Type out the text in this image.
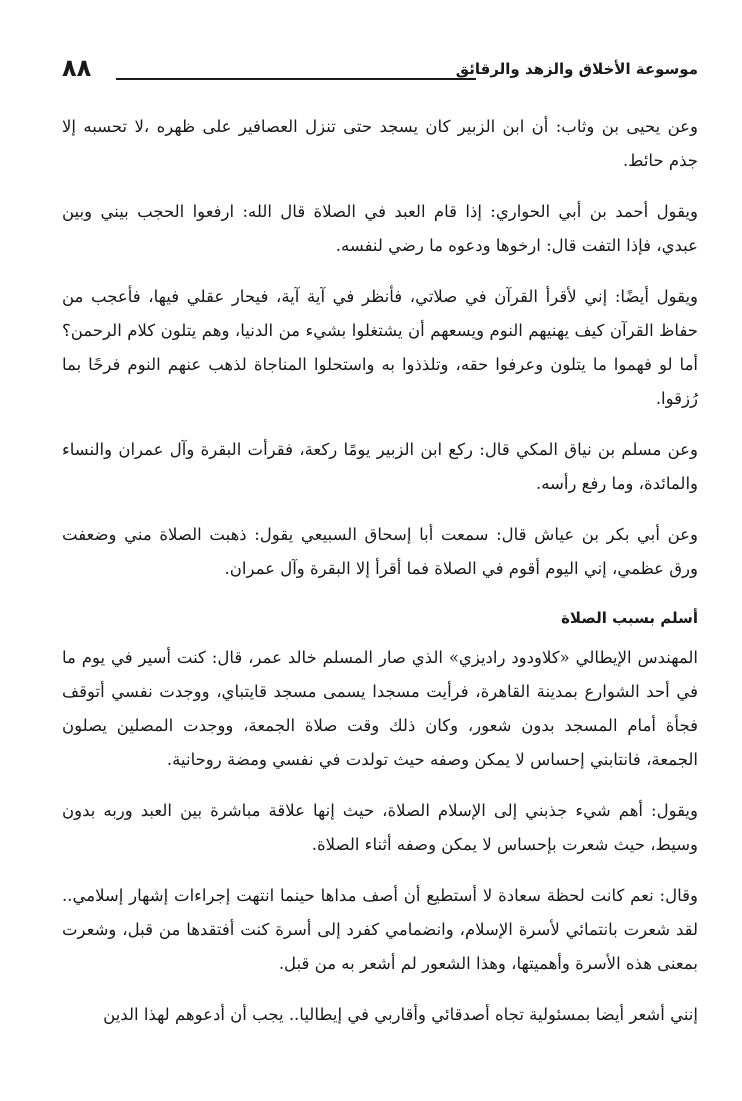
موسوعة الأخلاق والزهد والرقائق
٨٨

وعن يحيى بن وثاب: أن ابن الزبير كان يسجد حتى تنزل العصافير على ظهره ،لا تحسبه إلا جذم حائط.

ويقول أحمد بن أبي الحواري: إذا قام العبد في الصلاة قال الله: ارفعوا الحجب بيني وبين عبدي، فإذا التفت قال: ارخوها ودعوه ما رضي لنفسه.

ويقول أيضًا: إني لأقرأ القرآن في صلاتي، فأنظر في آية آية، فيحار عقلي فيها، فأعجب من حفاظ القرآن كيف يهنيهم النوم ويسعهم أن يشتغلوا بشيء من الدنيا، وهم يتلون كلام الرحمن؟ أما لو فهموا ما يتلون وعرفوا حقه، وتلذذوا به واستحلوا المناجاة لذهب عنهم النوم فرحًا بما رُزقوا.

وعن مسلم بن نياق المكي قال: ركع ابن الزبير يومًا ركعة، فقرأت البقرة وآل عمران والنساء والمائدة، وما رفع رأسه.

وعن أبي بكر بن عياش قال: سمعت أبا إسحاق السبيعي يقول: ذهبت الصلاة مني وضعفت ورق عظمي، إني اليوم أقوم في الصلاة فما أقرأ إلا البقرة وآل عمران.

أسلم بسبب الصلاة

المهندس الإيطالي «كلاودود راديزي» الذي صار المسلم خالد عمر، قال: كنت أسير في يوم ما في أحد الشوارع بمدينة القاهرة، فرأيت مسجدا يسمى مسجد قايتباي، ووجدت نفسي أتوقف فجأة أمام المسجد بدون شعور، وكان ذلك وقت صلاة الجمعة، ووجدت المصلين يصلون الجمعة، فانتابني إحساس لا يمكن وصفه حيث تولدت في نفسي ومضة روحانية.

ويقول: أهم شيء جذبني إلى الإسلام الصلاة، حيث إنها علاقة مباشرة بين العبد وربه بدون وسيط، حيث شعرت بإحساس لا يمكن وصفه أثناء الصلاة.

وقال: نعم كانت لحظة سعادة لا أستطيع أن أصف مداها حينما انتهت إجراءات إشهار إسلامي.. لقد شعرت بانتمائي لأسرة الإسلام، وانضمامي كفرد إلى أسرة كنت أفتقدها من قبل، وشعرت بمعنى هذه الأسرة وأهميتها، وهذا الشعور لم أشعر به من قبل.

إنني أشعر أيضا بمسئولية تجاه أصدقائي وأقاربي في إيطاليا.. يجب أن أدعوهم لهذا الدين
